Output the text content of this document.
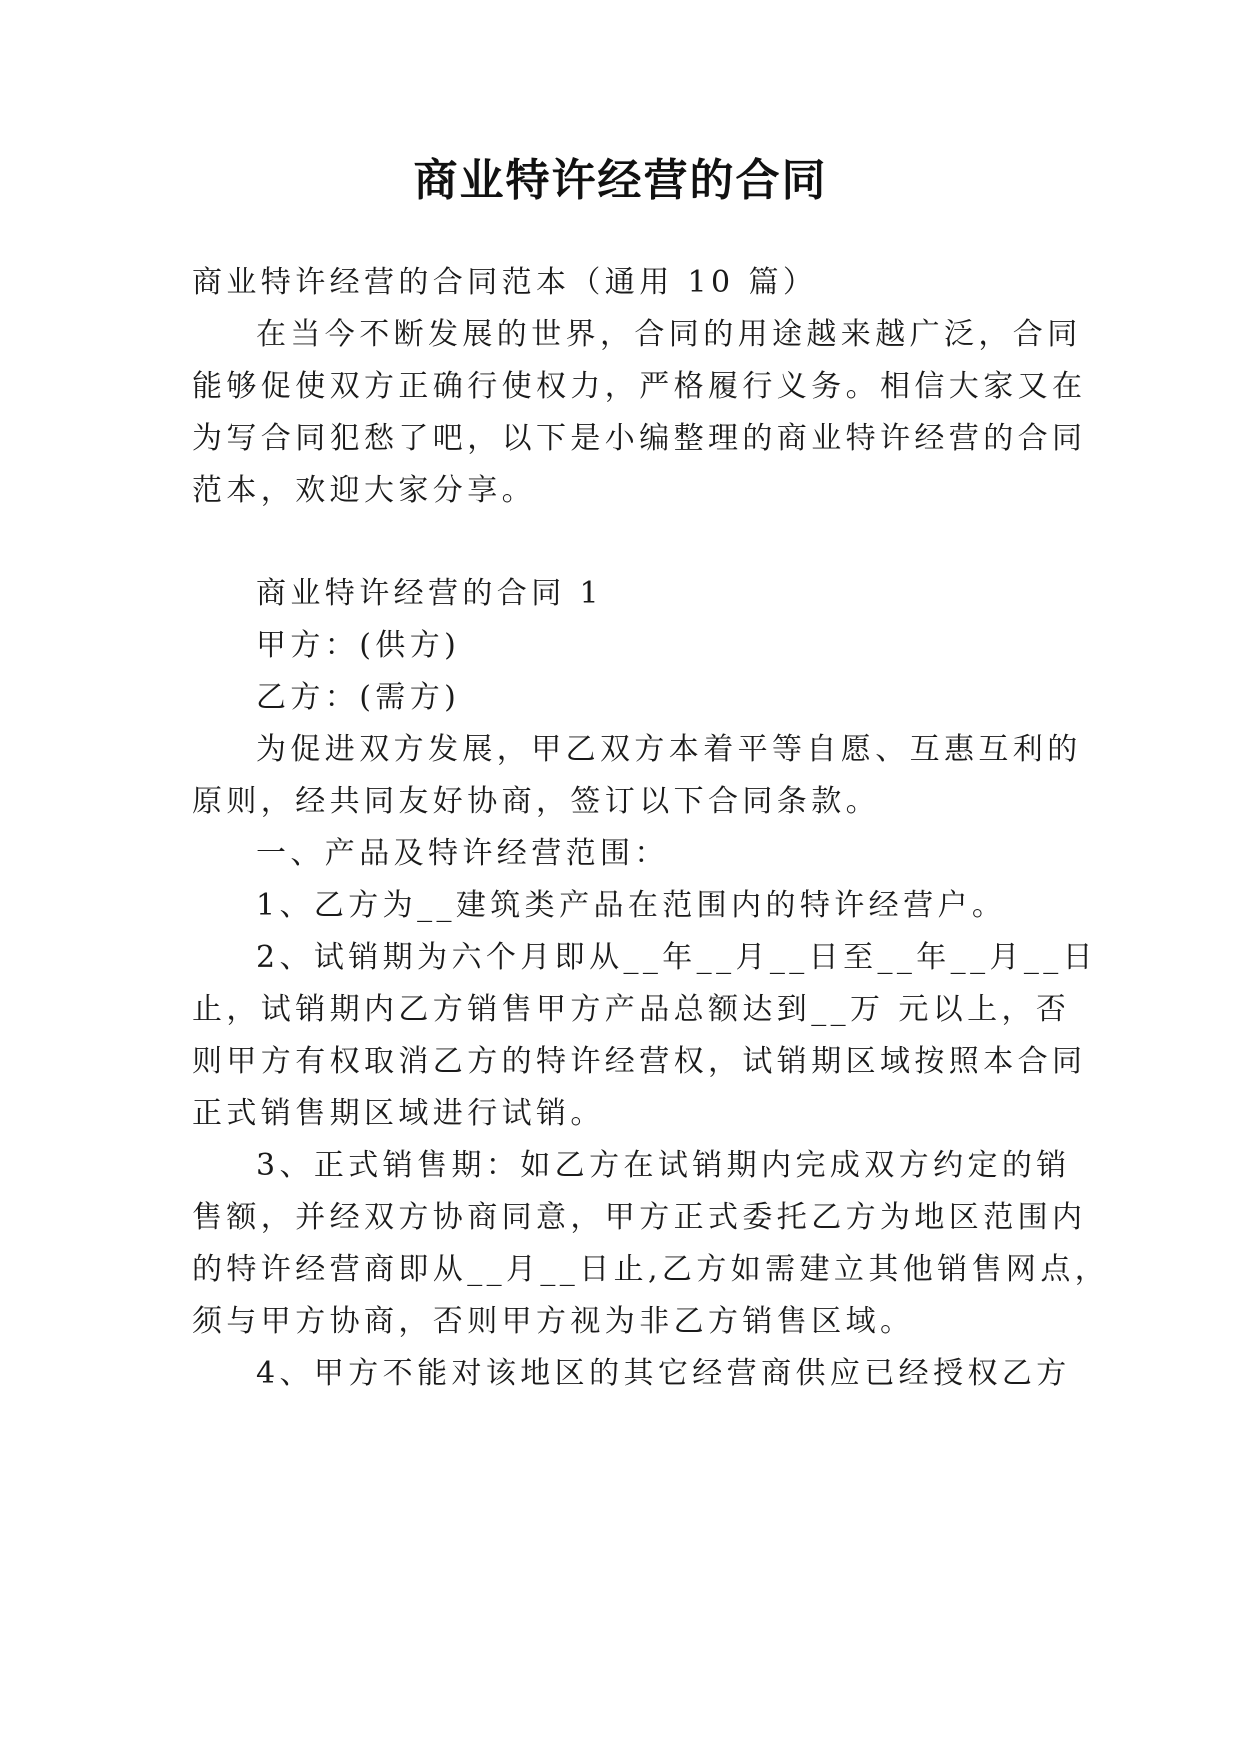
商业特许经营的合同
商业特许经营的合同范本（通用 10 篇）
在当今不断发展的世界，合同的用途越来越广泛，合同
能够促使双方正确行使权力，严格履行义务。相信大家又在
为写合同犯愁了吧，以下是小编整理的商业特许经营的合同
范本，欢迎大家分享。
商业特许经营的合同 1
甲方：(供方)
乙方：(需方)
为促进双方发展，甲乙双方本着平等自愿、互惠互利的
原则，经共同友好协商，签订以下合同条款。
一、产品及特许经营范围：
1、乙方为__建筑类产品在范围内的特许经营户。
2、试销期为六个月即从__年__月__日至__年__月__日
止，试销期内乙方销售甲方产品总额达到__万 元以上，否
则甲方有权取消乙方的特许经营权，试销期区域按照本合同
正式销售期区域进行试销。
3、正式销售期：如乙方在试销期内完成双方约定的销
售额，并经双方协商同意，甲方正式委托乙方为地区范围内
的特许经营商即从__月__日止,乙方如需建立其他销售网点，
须与甲方协商，否则甲方视为非乙方销售区域。
4、甲方不能对该地区的其它经营商供应已经授权乙方
